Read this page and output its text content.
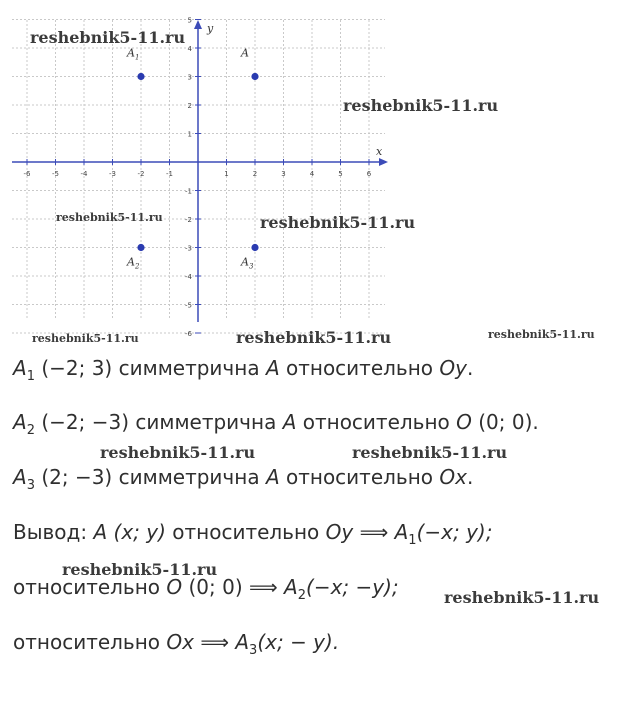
-6	-5	-4	-3	-2	-1	1	2	3	4	5	6
5
4
3
2
1
-1
-2
-3
-4
-5
-6
A
$A_1$
$A_2$	$A_3$
x
y
reshebnik5-11.ru
reshebnik5-11.ru
reshebnik5-11.ru	reshebnik5-11.ru
reshebnik5-11.ru	reshebnik5-11.ru	reshebnik5-11.ru
reshebnik5-11.ru	reshebnik5-11.ru
reshebnik5-11.ru
reshebnik5-11.ru
$A_1$ (−2; 3) симметрична A относительно Oy.
$A_2$ (−2; −3) симметрична A относительно O (0; 0).
$A_3$ (2; −3) симметрична A относительно Ox.
Вывод: A (x; y) относительно Oy ⟹ $A_1(-x$; y);
относительно O (0; 0) ⟹ $A_2(-x$; −y);
относительно Ox ⟹ $A_3(x$; − y).
